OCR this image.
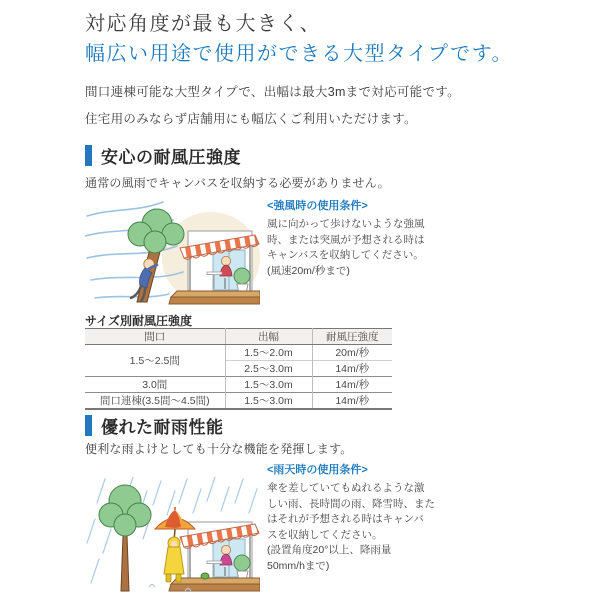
対応角度が最も大きく、
幅広い用途で使用ができる大型タイプです。
間口連棟可能な大型タイプで、出幅は最大3mまで対応可能です。
住宅用のみならず店舗用にも幅広くご利用いただけます。
安心の耐風圧強度
通常の風雨でキャンバスを収納する必要がありません。
<強風時の使用条件>
風に向かって歩けないような強風
時、または突風が予想される時は
キャンバスを収納してください。
(風速20m/秒まで)
サイズ別耐風圧強度
間口	出幅	耐風圧強度
1.5〜2.5間	1.5〜2.0m	20m/秒
	2.5〜3.0m	14m/秒
3.0間	1.5〜3.0m	14m/秒
間口連棟(3.5間〜4.5間)	1.5〜3.0m	14m/秒
優れた耐雨性能
便利な雨よけとしても十分な機能を発揮します。
<雨天時の使用条件>
傘を差していてもぬれるような激
しい雨、長時間の雨、降雪時、また
はそれが予想される時はキャンバ
スを収納してください。
(設置角度20°以上、降雨量
50mm/hまで)
